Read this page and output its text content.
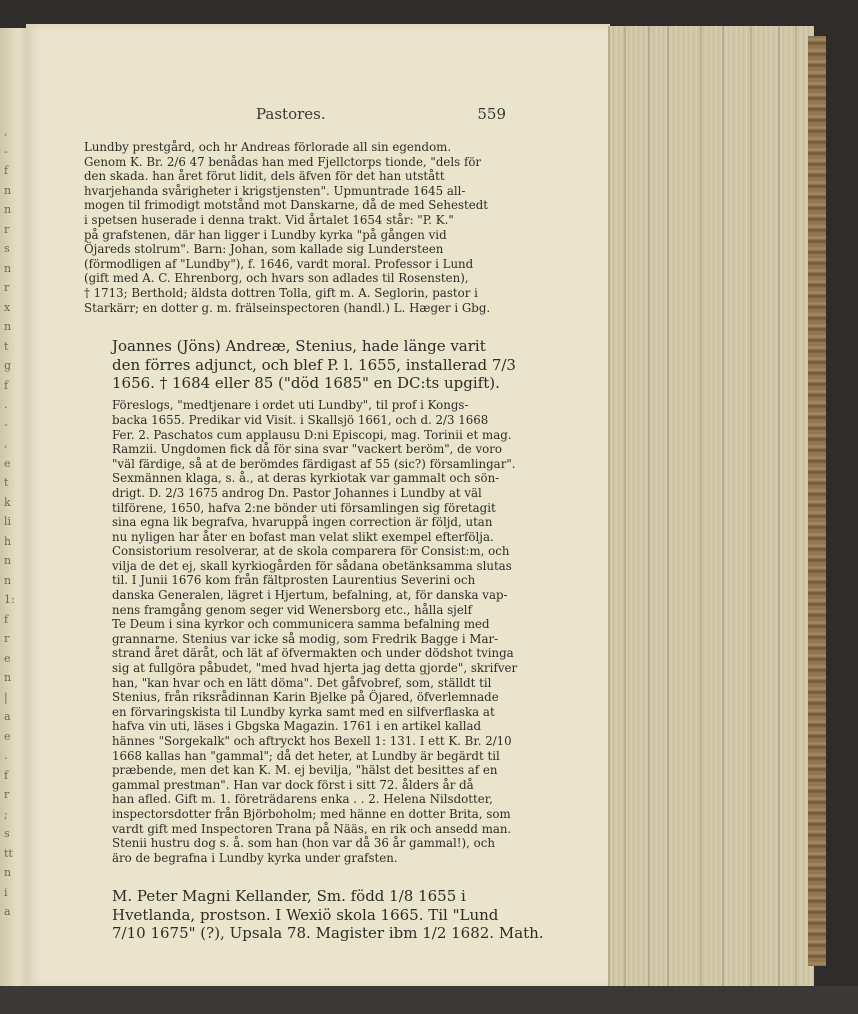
,
-
f
n
n
r
s
n
r
x
n
t
g
f
.
-
,
e
t
k
li
h
n
n
1:
f
r
e
n
|
a
e
.
f
r
;
s
tt
n
i
a
Pastores.	559

Lundby prestgård, och hr Andreas förlorade all sin egendom.
Genom K. Br. 2/6 47 benådas han med Fjellctorps tionde, "dels för
den skada. han året förut lidit, dels äfven för det han utstått
hvarjehanda svårigheter i krigstjensten". Upmuntrade 1645 all-
mogen til frimodigt motstånd mot Danskarne, då de med Sehestedt
i spetsen huserade i denna trakt. Vid årtalet 1654 står: "P. K."
på grafstenen, där han ligger i Lundby kyrka "på gången vid
Öjareds stolrum". Barn: Johan, som kallade sig Lundersteen
(förmodligen af "Lundby"), f. 1646, vardt moral. Professor i Lund
(gift med A. C. Ehrenborg, och hvars son adlades til Rosensten),
† 1713; Berthold; äldsta dottren Tolla, gift m. A. Seglorin, pastor i
Starkärr; en dotter g. m. frälseinspectoren (handl.) L. Hæger i Gbg.

Joannes (Jöns) Andreæ, Stenius, hade länge varit
den förres adjunct, och blef P. l. 1655, installerad 7/3
1656. † 1684 eller 85 ("död 1685" en DC:ts upgift).

Föreslogs, "medtjenare i ordet uti Lundby", til prof i Kongs-
backa 1655. Predikar vid Visit. i Skallsjö 1661, och d. 2/3 1668
Fer. 2. Paschatos cum applausu D:ni Episcopi, mag. Torinii et mag.
Ramzii. Ungdomen fick då för sina svar "vackert beröm", de voro
"väl färdige, så at de berömdes färdigast af 55 (sic?) församlingar".
Sexmännen klaga, s. å., at deras kyrkiotak var gammalt och sön-
drigt. D. 2/3 1675 androg Dn. Pastor Johannes i Lundby at väl
tilförene, 1650, hafva 2:ne bönder uti församlingen sig företagit
sina egna lik begrafva, hvaruppå ingen correction är följd, utan
nu nyligen har åter en bofast man velat slikt exempel efterfölja.
Consistorium resolverar, at de skola comparera för Consist:m, och
vilja de det ej, skall kyrkiogården för sådana obetänksamma slutas
til. I Junii 1676 kom från fältprosten Laurentius Severini och
danska Generalen, lägret i Hjertum, befalning, at, för danska vap-
nens framgång genom seger vid Wenersborg etc., hålla sjelf
Te Deum i sina kyrkor och communicera samma befalning med
grannarne. Stenius var icke så modig, som Fredrik Bagge i Mar-
strand året däråt, och lät af öfvermakten och under dödshot tvinga
sig at fullgöra påbudet, "med hvad hjerta jag detta gjorde", skrifver
han, "kan hvar och en lätt döma". Det gåfvobref, som, ställdt til
Stenius, från riksrådinnan Karin Bjelke på Öjared, öfverlemnade
en förvaringskista til Lundby kyrka samt med en silfverflaska at
hafva vin uti, läses i Gbgska Magazin. 1761 i en artikel kallad
hännes "Sorgekalk" och aftryckt hos Bexell 1: 131. I ett K. Br. 2/10
1668 kallas han "gammal"; då det heter, at Lundby är begärdt til
præbende, men det kan K. M. ej bevilja, "hälst det besittes af en
gammal prestman". Han var dock först i sitt 72. ålders år då
han afled. Gift m. 1. företrädarens enka . . 2. Helena Nilsdotter,
inspectorsdotter från Björboholm; med hänne en dotter Brita, som
vardt gift med Inspectoren Trana på Nääs, en rik och ansedd man.
Stenii hustru dog s. å. som han (hon var då 36 år gammal!), och
äro de begrafna i Lundby kyrka under grafsten.

M. Peter Magni Kellander, Sm. född 1/8 1655 i
Hvetlanda, prostson. I Wexiö skola 1665. Til "Lund
7/10 1675" (?), Upsala 78. Magister ibm 1/2 1682. Math.
